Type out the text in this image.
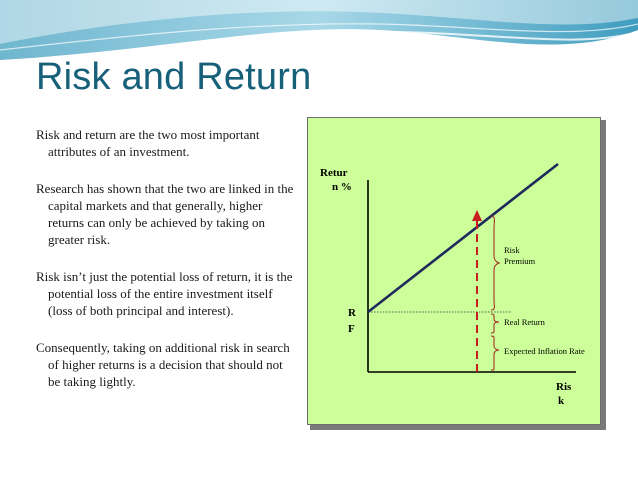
Risk and Return

Risk and return are the two most important attributes of an investment.

Research has shown that the two are linked in the capital markets and that generally, higher returns can only be achieved by taking on greater risk.

Risk isn’t just the potential loss of return, it is the potential loss of the entire investment itself (loss of both principal and interest).

Consequently, taking on additional risk in search of higher returns is a decision that should not be taking lightly.

Retur
n %
Ris
k
R
F
Risk
Premium
Real Return
Expected Inflation Rate
